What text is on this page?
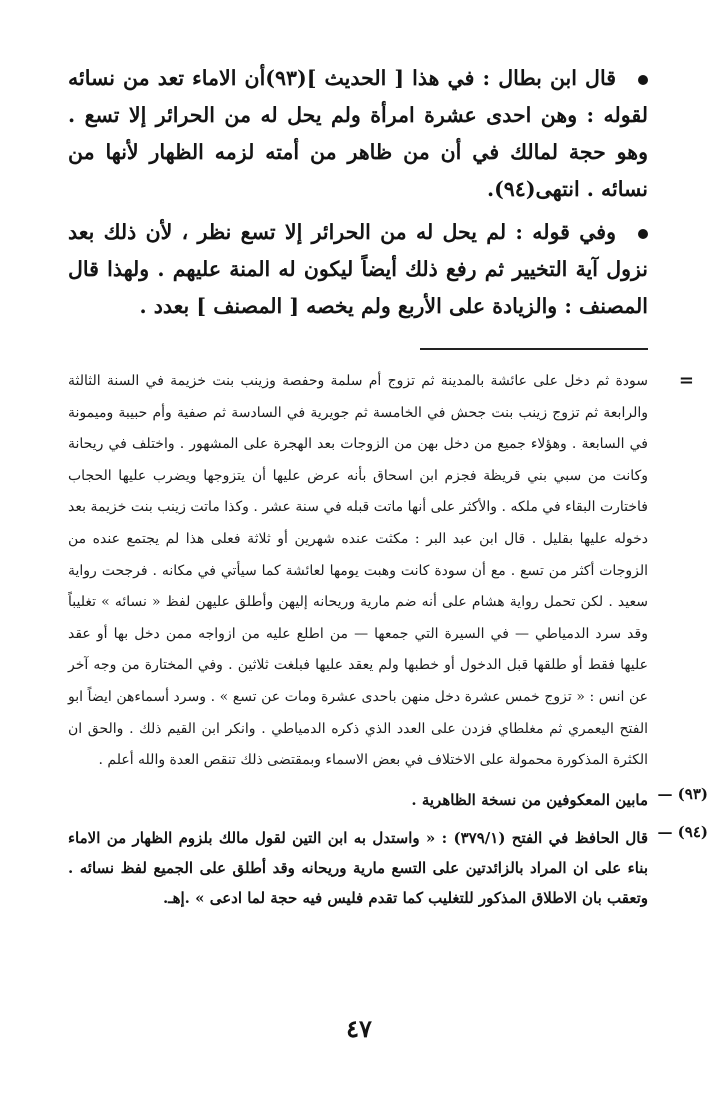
قال ابن بطال : في هذا [ الحديث ](٩٣)أن الاماء تعد من نسائه لقوله : وهن احدى عشرة امرأة ولم يحل له من الحرائر إلا تسع . وهو حجة لمالك في أن من ظاهر من أمته لزمه الظهار لأنها من نسائه . انتهى(٩٤).

وفي قوله : لم يحل له من الحرائر إلا تسع نظر ، لأن ذلك بعد نزول آية التخيير ثم رفع ذلك أيضاً ليكون له المنة عليهم . ولهذا قال المصنف : والزيادة على الأربع ولم يخصه [ المصنف ] بعدد .

=

سودة ثم دخل على عائشة بالمدينة ثم تزوج أم سلمة وحفصة وزينب بنت خزيمة في السنة الثالثة والرابعة ثم تزوج زينب بنت جحش في الخامسة ثم جويرية في السادسة ثم صفية وأم حبيبة وميمونة في السابعة . وهؤلاء جميع من دخل بهن من الزوجات بعد الهجرة على المشهور . واختلف في ريحانة وكانت من سبي بني قريظة فجزم ابن اسحاق بأنه عرض عليها أن يتزوجها ويضرب عليها الحجاب فاختارت البقاء في ملكه . والأكثر على أنها ماتت قبله في سنة عشر . وكذا ماتت زينب بنت خزيمة بعد دخوله عليها بقليل . قال ابن عبد البر : مكثت عنده شهرين أو ثلاثة فعلى هذا لم يجتمع عنده من الزوجات أكثر من تسع . مع أن سودة كانت وهبت يومها لعائشة كما سيأتي في مكانه . فرجحت رواية سعيد . لكن تحمل رواية هشام على أنه ضم مارية وريحانه إليهن وأطلق عليهن لفظ « نسائه » تغليباً وقد سرد الدمياطي — في السيرة التي جمعها — من اطلع عليه من ازواجه ممن دخل بها أو عقد عليها فقط أو طلقها قبل الدخول أو خطبها ولم يعقد عليها فبلغت ثلاثين . وفي المختارة من وجه آخر عن انس : « تزوج خمس عشرة دخل منهن باحدى عشرة ومات عن تسع » . وسرد أسماءهن ايضاً ابو الفتح اليعمري ثم مغلطاي فزدن على العدد الذي ذكره الدمياطي . وانكر ابن القيم ذلك . والحق ان الكثرة المذكورة محمولة على الاختلاف في بعض الاسماء وبمقتضى ذلك تنقص العدة والله أعلم .

(٩٣) —

مابين المعكوفين من نسخة الظاهرية .

(٩٤) —

قال الحافظ في الفتح (٣٧٩/١) : « واستدل به ابن التين لقول مالك بلزوم الظهار من الاماء بناء على ان المراد بالزائدتين على التسع مارية وريحانه وقد أطلق على الجميع لفظ نسائه . وتعقب بان الاطلاق المذكور للتغليب كما تقدم فليس فيه حجة لما ادعى » .إهـ.

٤٧
